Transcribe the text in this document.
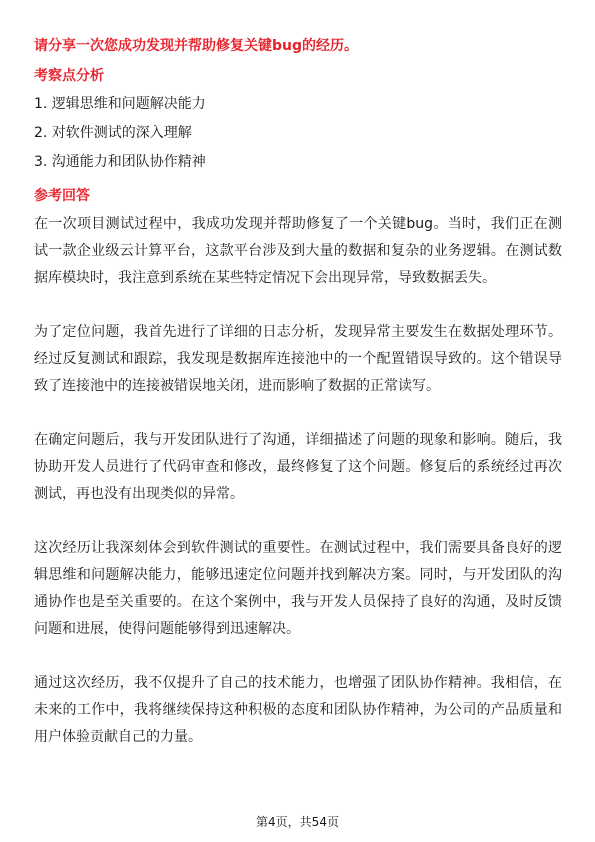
请分享一次您成功发现并帮助修复关键bug的经历。
考察点分析
1. 逻辑思维和问题解决能力
2. 对软件测试的深入理解
3. 沟通能力和团队协作精神
参考回答

在一次项目测试过程中，我成功发现并帮助修复了一个关键bug。当时，我们正在测试一款企业级云计算平台，这款平台涉及到大量的数据和复杂的业务逻辑。在测试数据库模块时，我注意到系统在某些特定情况下会出现异常，导致数据丢失。

为了定位问题，我首先进行了详细的日志分析，发现异常主要发生在数据处理环节。经过反复测试和跟踪，我发现是数据库连接池中的一个配置错误导致的。这个错误导致了连接池中的连接被错误地关闭，进而影响了数据的正常读写。

在确定问题后，我与开发团队进行了沟通，详细描述了问题的现象和影响。随后，我协助开发人员进行了代码审查和修改，最终修复了这个问题。修复后的系统经过再次测试，再也没有出现类似的异常。

这次经历让我深刻体会到软件测试的重要性。在测试过程中，我们需要具备良好的逻辑思维和问题解决能力，能够迅速定位问题并找到解决方案。同时，与开发团队的沟通协作也是至关重要的。在这个案例中，我与开发人员保持了良好的沟通，及时反馈问题和进展，使得问题能够得到迅速解决。

通过这次经历，我不仅提升了自己的技术能力，也增强了团队协作精神。我相信，在未来的工作中，我将继续保持这种积极的态度和团队协作精神，为公司的产品质量和用户体验贡献自己的力量。

第4页，共54页
